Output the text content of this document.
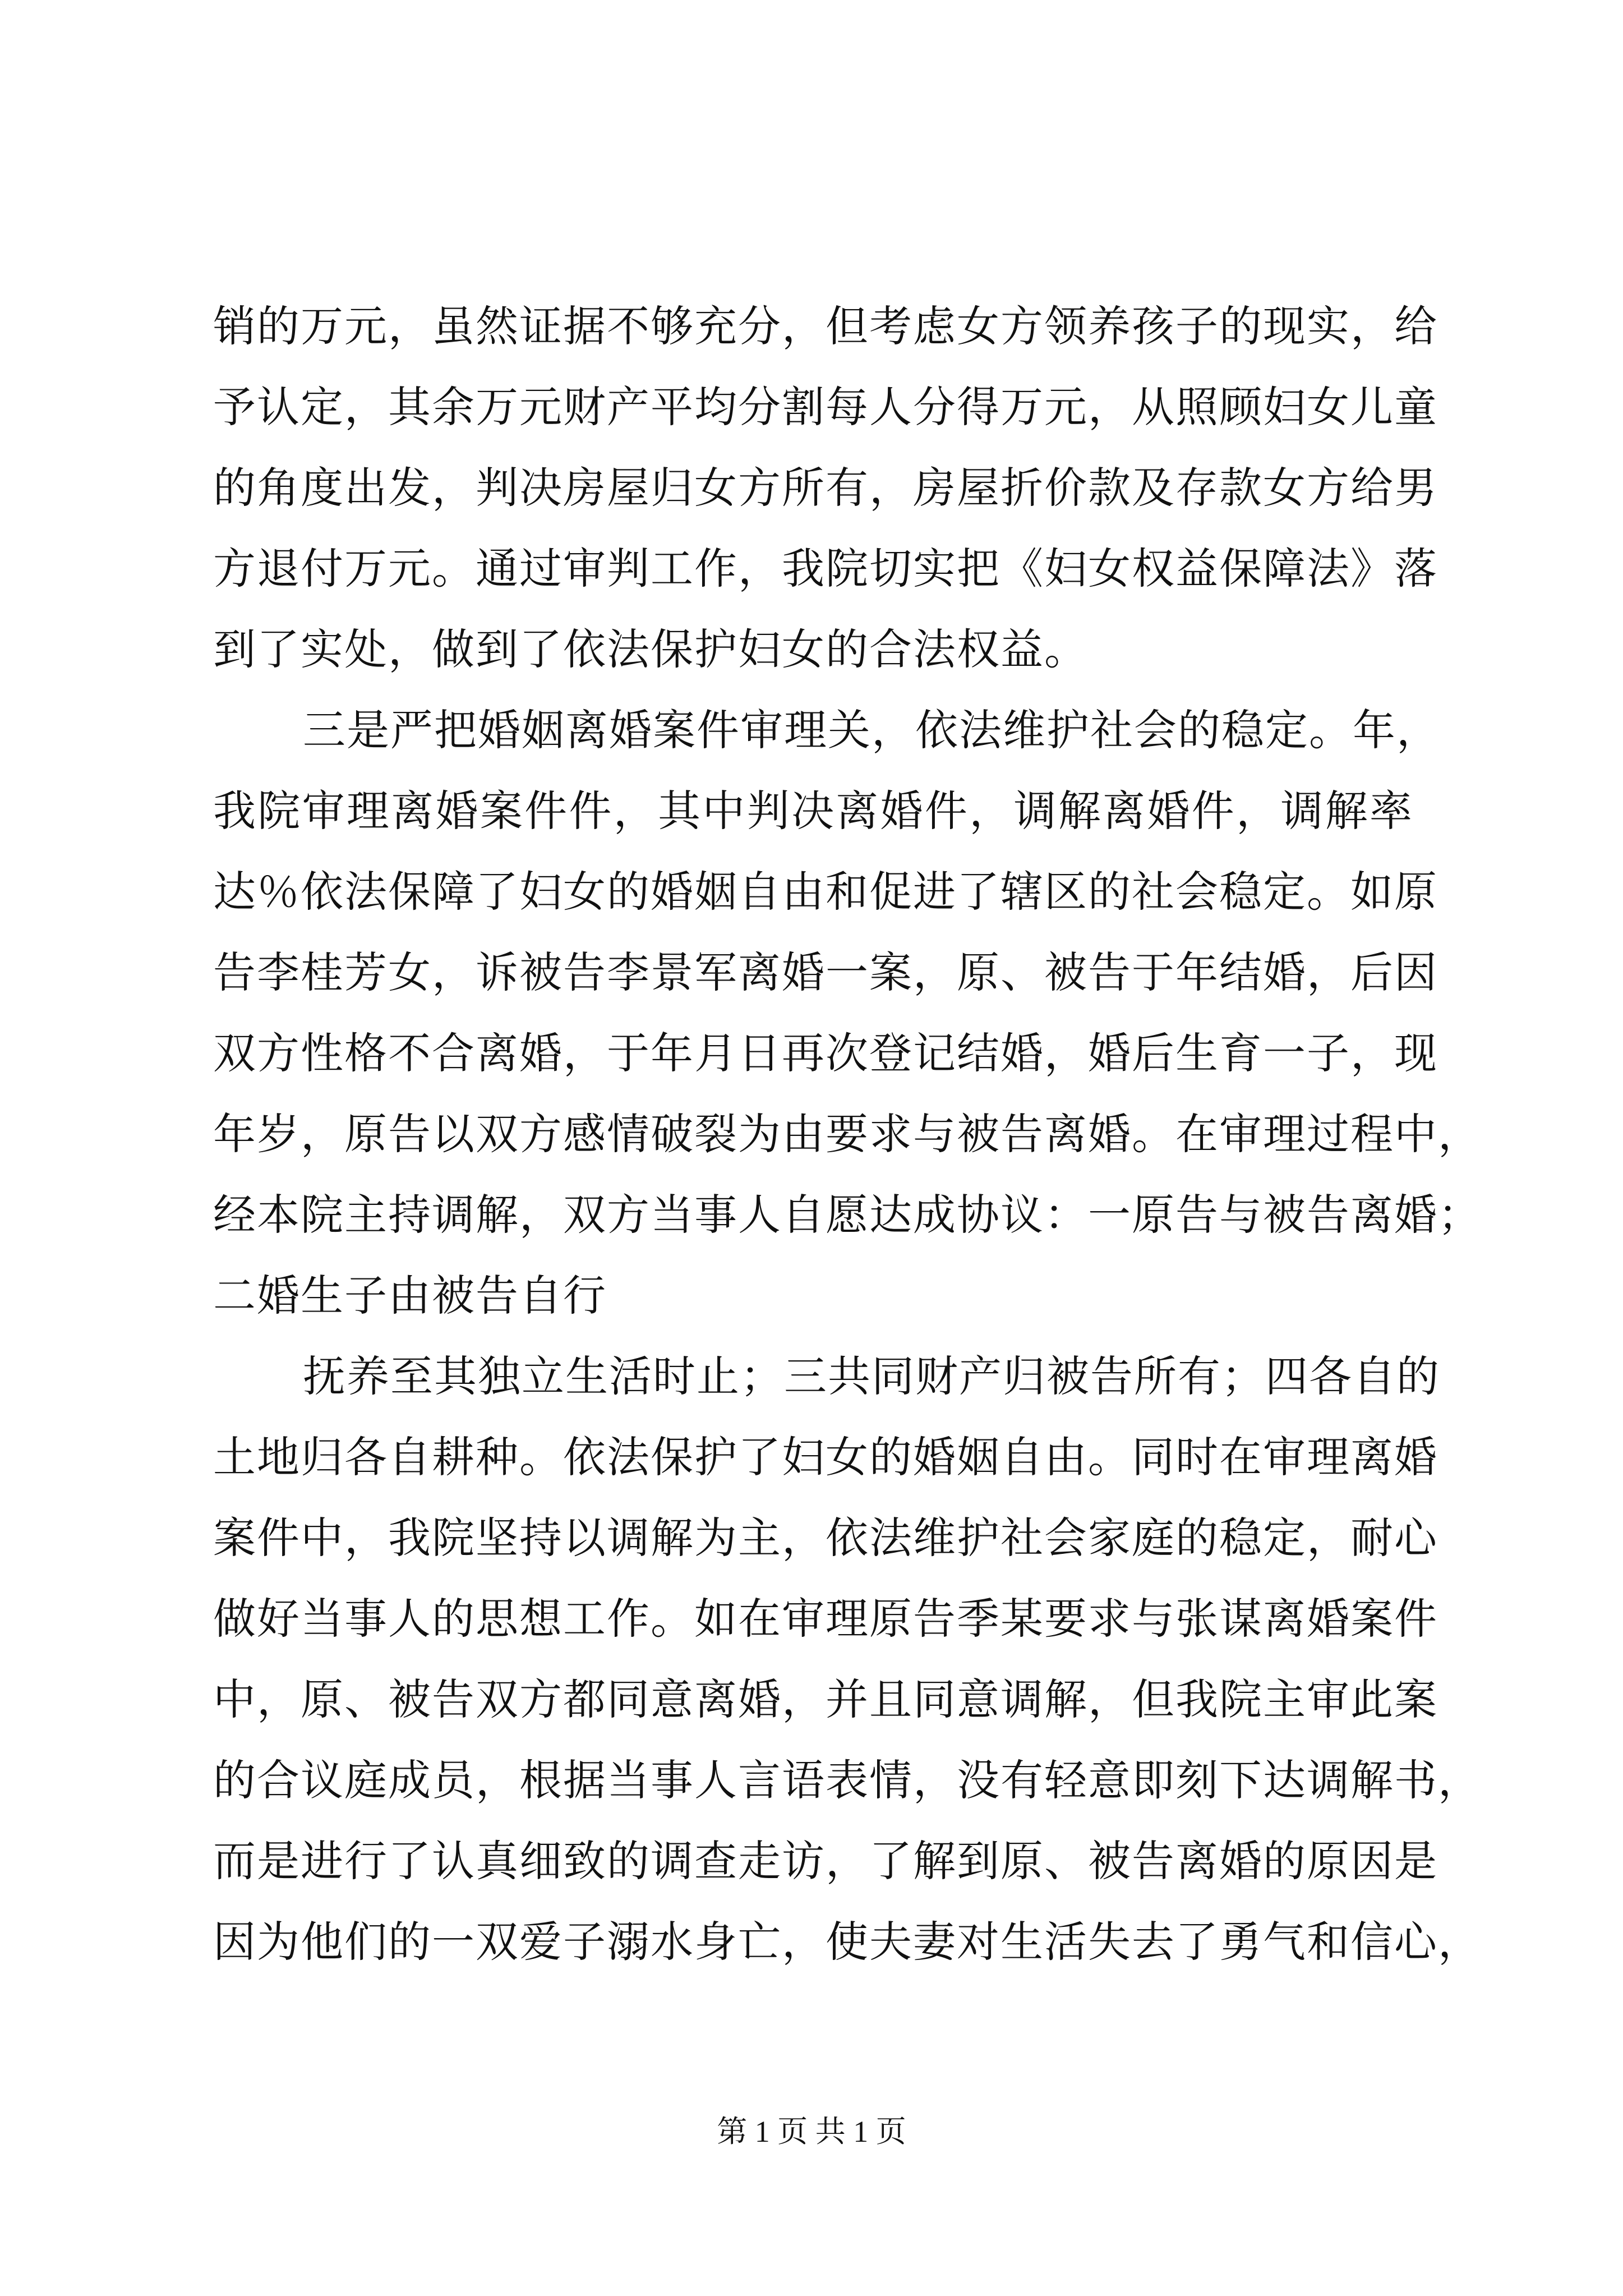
销的万元，虽然证据不够充分，但考虑女方领养孩子的现实，给
予认定，其余万元财产平均分割每人分得万元，从照顾妇女儿童
的角度出发，判决房屋归女方所有，房屋折价款及存款女方给男
方退付万元。通过审判工作，我院切实把《妇女权益保障法》落
到了实处，做到了依法保护妇女的合法权益。
三是严把婚姻离婚案件审理关，依法维护社会的稳定。年，
我院审理离婚案件件，其中判决离婚件，调解离婚件，调解率
达％依法保障了妇女的婚姻自由和促进了辖区的社会稳定。如原
告李桂芳女，诉被告李景军离婚一案，原、被告于年结婚，后因
双方性格不合离婚，于年月日再次登记结婚，婚后生育一子，现
年岁，原告以双方感情破裂为由要求与被告离婚。在审理过程中，
经本院主持调解，双方当事人自愿达成协议：一原告与被告离婚；
二婚生子由被告自行
抚养至其独立生活时止；三共同财产归被告所有；四各自的
土地归各自耕种。依法保护了妇女的婚姻自由。同时在审理离婚
案件中，我院坚持以调解为主，依法维护社会家庭的稳定，耐心
做好当事人的思想工作。如在审理原告季某要求与张谋离婚案件
中，原、被告双方都同意离婚，并且同意调解，但我院主审此案
的合议庭成员，根据当事人言语表情，没有轻意即刻下达调解书，
而是进行了认真细致的调查走访，了解到原、被告离婚的原因是
因为他们的一双爱子溺水身亡，使夫妻对生活失去了勇气和信心，
第 1 页 共 1 页
